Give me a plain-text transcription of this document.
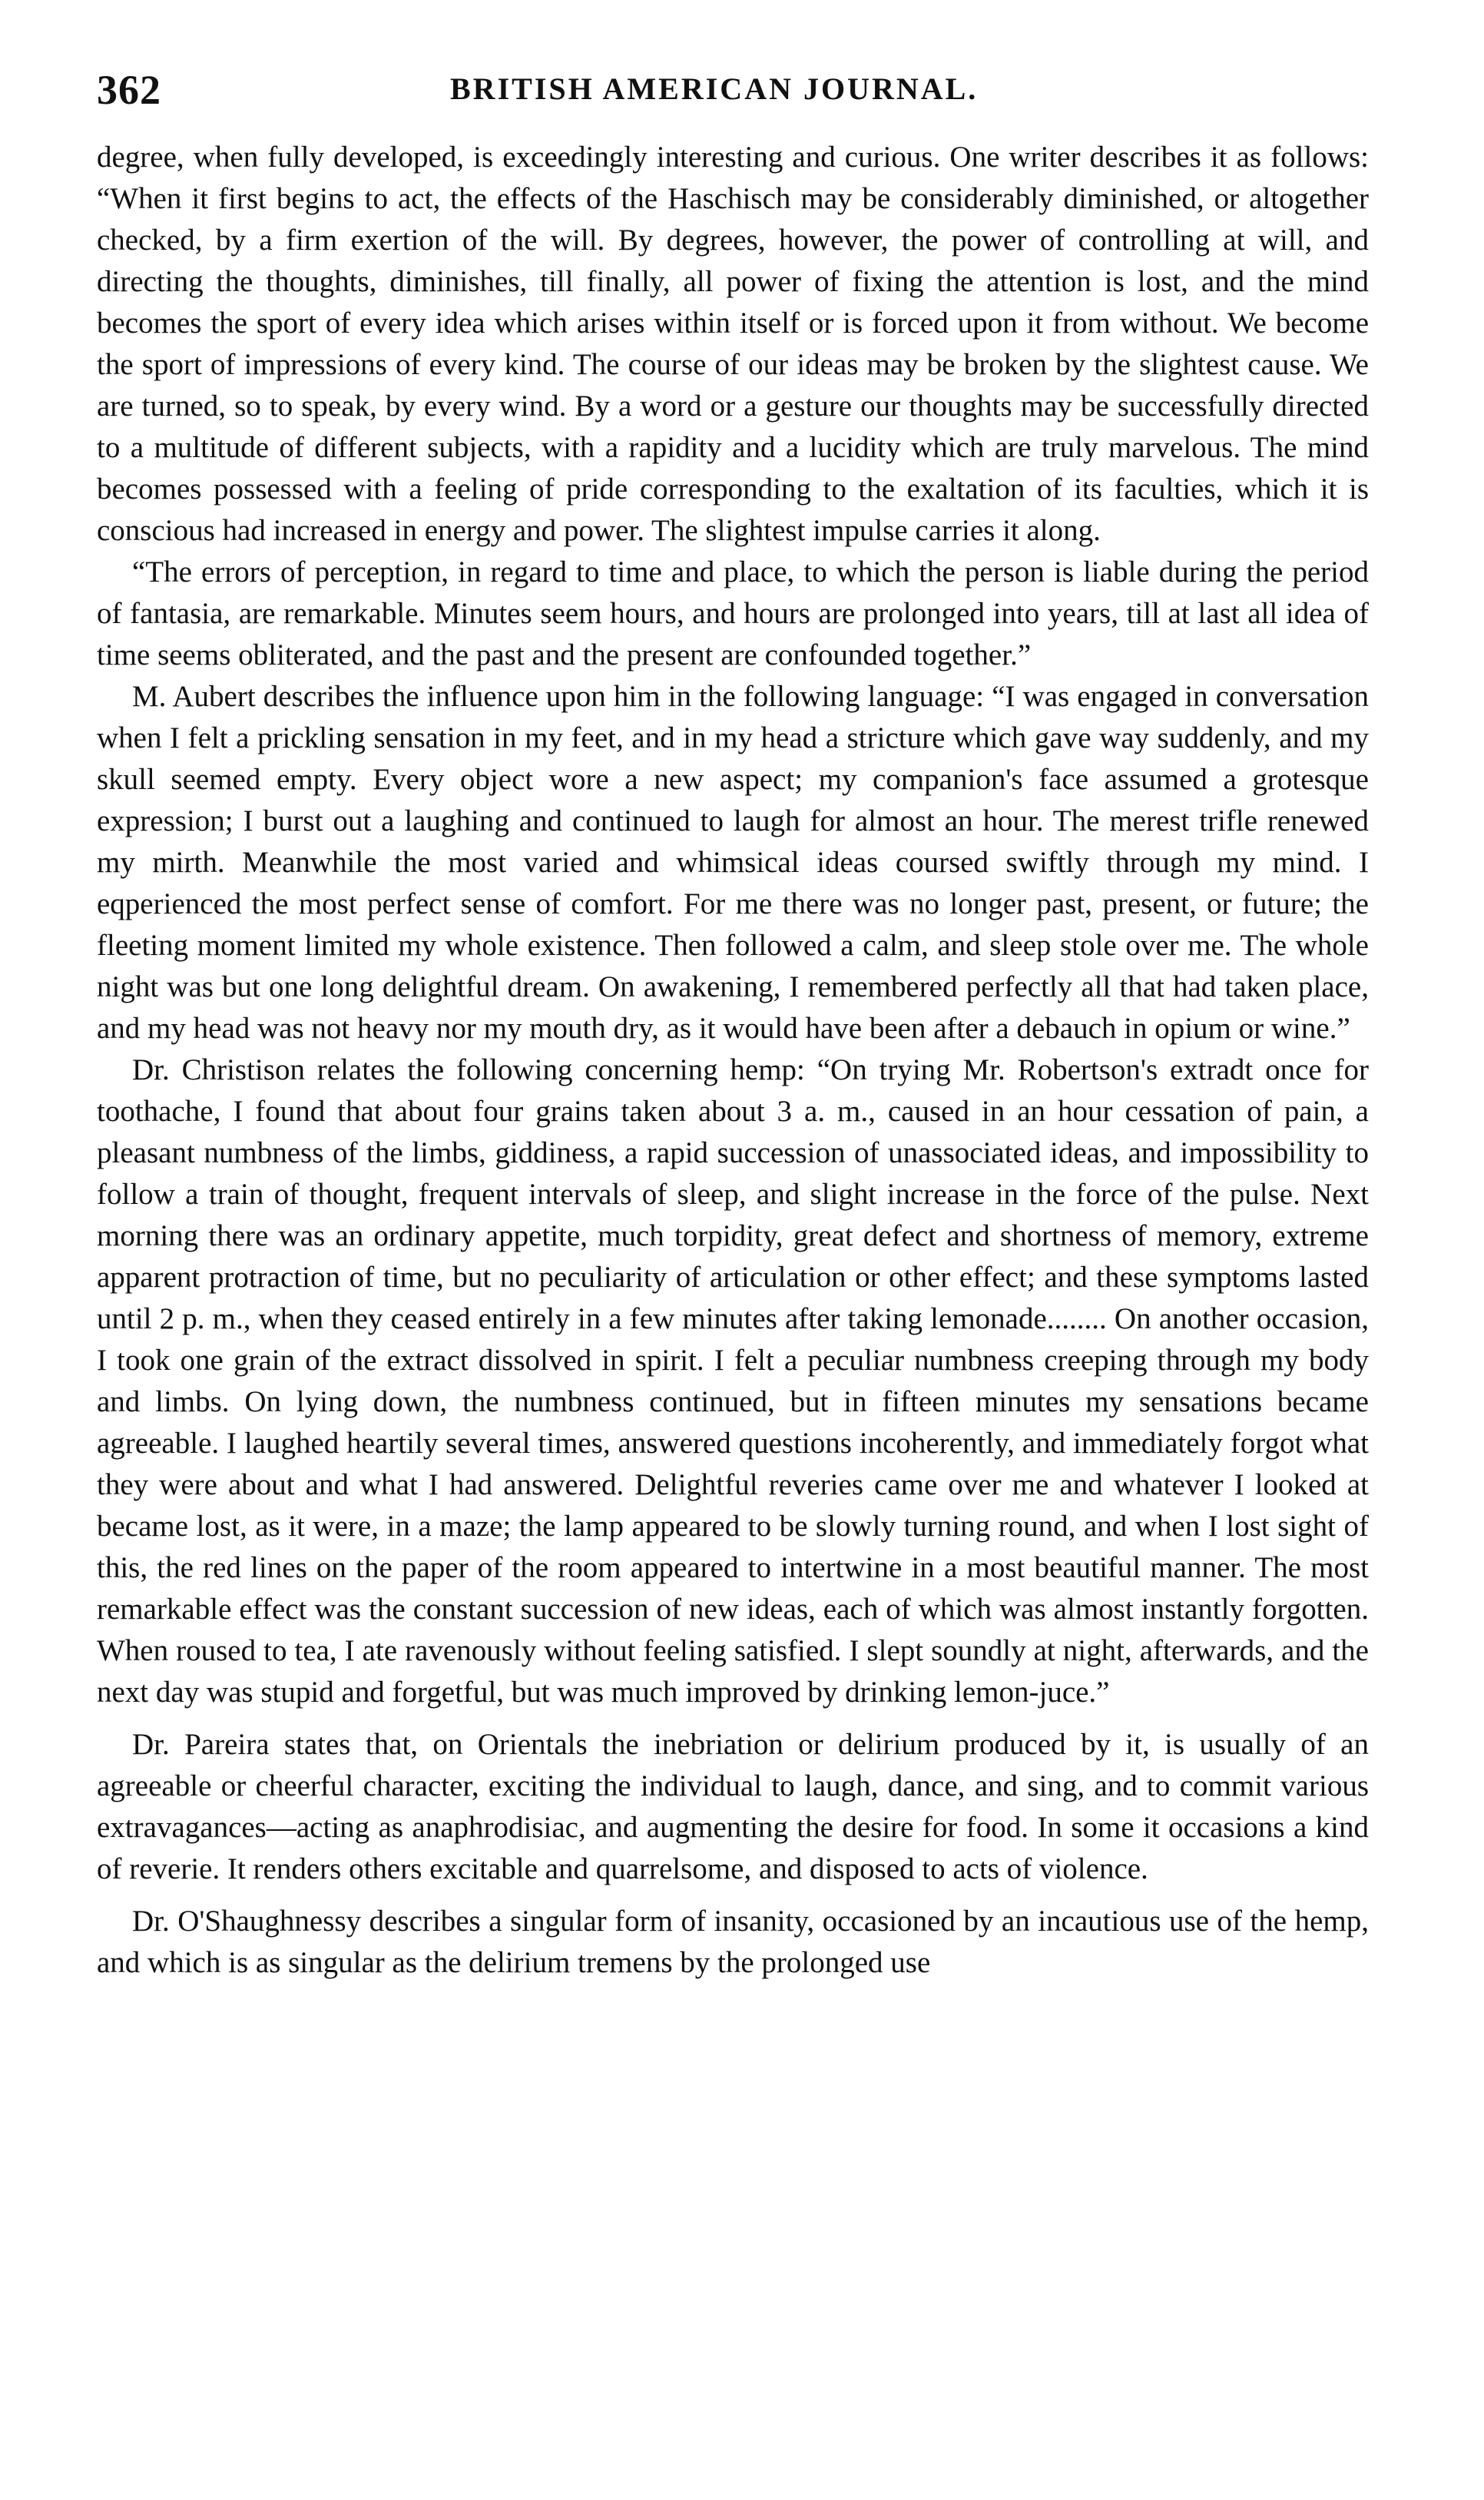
362	BRITISH AMERICAN JOURNAL.

degree, when fully developed, is exceedingly interesting and curious. One writer describes it as follows: “When it first begins to act, the effects of the Haschisch may be considerably diminished, or altogether checked, by a firm exertion of the will. By degrees, however, the power of controlling at will, and directing the thoughts, diminishes, till finally, all power of fixing the attention is lost, and the mind becomes the sport of every idea which arises within itself or is forced upon it from without. We become the sport of impressions of every kind. The course of our ideas may be broken by the slightest cause. We are turned, so to speak, by every wind. By a word or a gesture our thoughts may be successfully directed to a multitude of different subjects, with a rapidity and a lucidity which are truly marvelous. The mind becomes possessed with a feeling of pride corresponding to the exaltation of its faculties, which it is conscious had increased in energy and power. The slightest impulse carries it along.

“The errors of perception, in regard to time and place, to which the person is liable during the period of fantasia, are remarkable. Minutes seem hours, and hours are prolonged into years, till at last all idea of time seems obliterated, and the past and the present are confounded together.”

M. Aubert describes the influence upon him in the following language: “I was engaged in conversation when I felt a prickling sensation in my feet, and in my head a stricture which gave way suddenly, and my skull seemed empty. Every object wore a new aspect; my companion's face assumed a grotesque expression; I burst out a laughing and continued to laugh for almost an hour. The merest trifle renewed my mirth. Meanwhile the most varied and whimsical ideas coursed swiftly through my mind. I eqperienced the most perfect sense of comfort. For me there was no longer past, present, or future; the fleeting moment limited my whole existence. Then followed a calm, and sleep stole over me. The whole night was but one long delightful dream. On awakening, I remembered perfectly all that had taken place, and my head was not heavy nor my mouth dry, as it would have been after a debauch in opium or wine.”

Dr. Christison relates the following concerning hemp: “On trying Mr. Robertson's extradt once for toothache, I found that about four grains taken about 3 a. m., caused in an hour cessation of pain, a pleasant numbness of the limbs, giddiness, a rapid succession of unassociated ideas, and impossibility to follow a train of thought, frequent intervals of sleep, and slight increase in the force of the pulse. Next morning there was an ordinary appetite, much torpidity, great defect and shortness of memory, extreme apparent protraction of time, but no peculiarity of articulation or other effect; and these symptoms lasted until 2 p. m., when they ceased entirely in a few minutes after taking lemonade........ On another occasion, I took one grain of the extract dissolved in spirit. I felt a peculiar numbness creeping through my body and limbs. On lying down, the numbness continued, but in fifteen minutes my sensations became agreeable. I laughed heartily several times, answered questions incoherently, and immediately forgot what they were about and what I had answered. Delightful reveries came over me and whatever I looked at became lost, as it were, in a maze; the lamp appeared to be slowly turning round, and when I lost sight of this, the red lines on the paper of the room appeared to intertwine in a most beautiful manner. The most remarkable effect was the constant succession of new ideas, each of which was almost instantly forgotten. When roused to tea, I ate ravenously without feeling satisfied. I slept soundly at night, afterwards, and the next day was stupid and forgetful, but was much improved by drinking lemon-juce.”

Dr. Pareira states that, on Orientals the inebriation or delirium produced by it, is usually of an agreeable or cheerful character, exciting the individual to laugh, dance, and sing, and to commit various extravagances—acting as anaphrodisiac, and augmenting the desire for food. In some it occasions a kind of reverie. It renders others excitable and quarrelsome, and disposed to acts of violence.

Dr. O'Shaughnessy describes a singular form of insanity, occasioned by an incautious use of the hemp, and which is as singular as the delirium tremens by the prolonged use
